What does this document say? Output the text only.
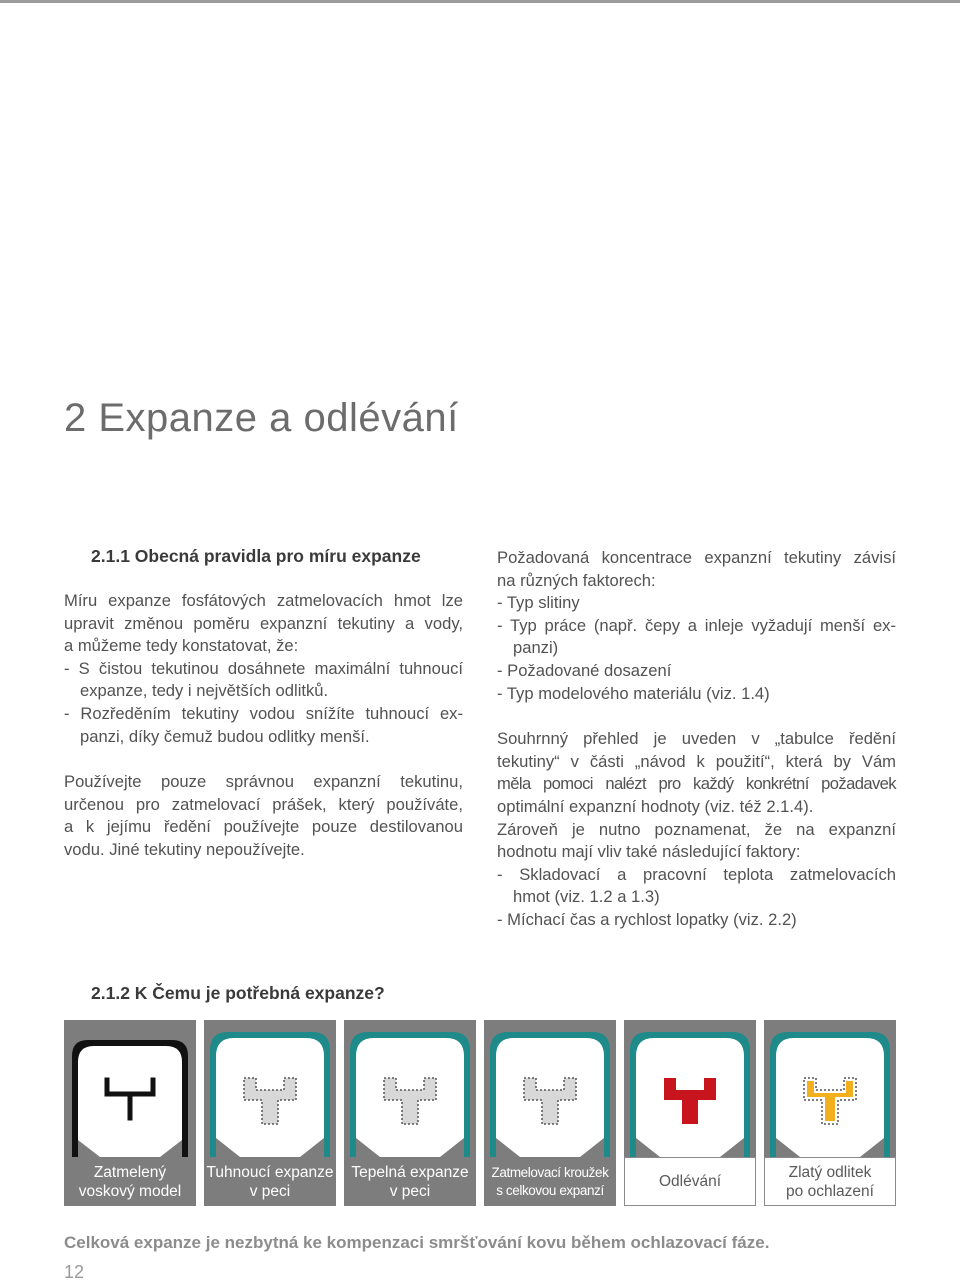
2 Expanze a odlévání
2.1.1 Obecná pravidla pro míru expanze

Míru expanze fosfátových zatmelovacích hmot lze

upravit změnou poměru expanzní tekutiny a vody,

a můžeme tedy konstatovat, že:

- S čistou tekutinou dosáhnete maximální tuhnoucí

expanze, tedy i největších odlitků.

- Rozředěním tekutiny vodou snížíte tuhnoucí ex-

panzi, díky čemuž budou odlitky menší.

Používejte pouze správnou expanzní tekutinu,

určenou pro zatmelovací prášek, který používáte,

a k jejímu ředění používejte pouze destilovanou

vodu. Jiné tekutiny nepoužívejte.

Požadovaná koncentrace expanzní tekutiny závisí

na různých faktorech:

- Typ slitiny

- Typ práce (např. čepy a inleje vyžadují menší ex-

panzi)

- Požadované dosazení

- Typ modelového materiálu (viz. 1.4)

Souhrnný přehled je uveden v „tabulce ředění

tekutiny“ v části „návod k použití“, která by Vám

měla pomoci nalézt pro každý konkrétní požadavek

optimální expanzní hodnoty (viz. též 2.1.4).

Zároveň je nutno poznamenat, že na expanzní

hodnotu mají vliv také následující faktory:

- Skladovací a pracovní teplota zatmelovacích

hmot (viz. 1.2 a 1.3)

- Míchací čas a rychlost lopatky (viz. 2.2)

2.1.2 K Čemu je potřebná expanze?
Zatmelený
voskový model
Tuhnoucí expanze
v peci
Tepelná expanze
v peci
Zatmelovací kroužek
s celkovou expanzí	Odlévání
Zlatý odlitek
po ochlazení
Celková expanze je nezbytná ke kompenzaci smršťování kovu během ochlazovací fáze.
12
